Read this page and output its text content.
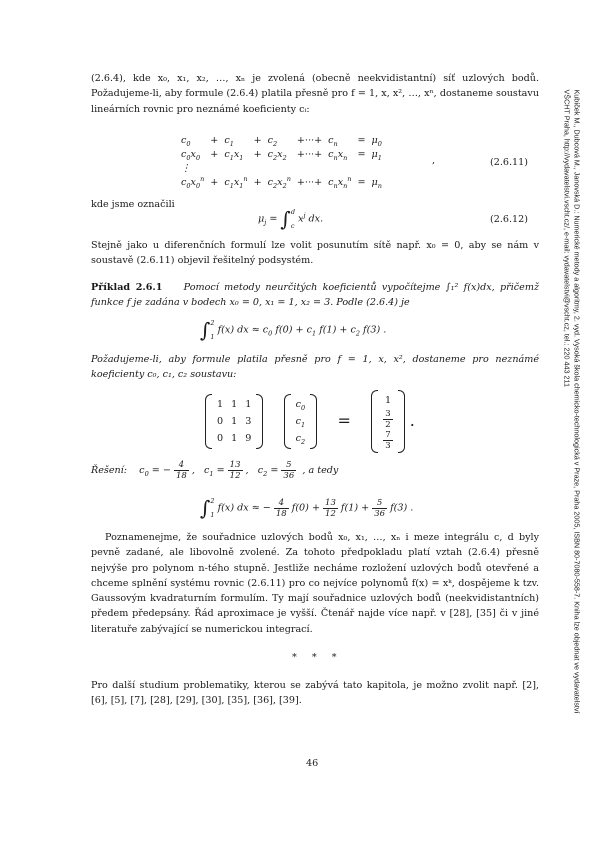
Kubíček M., Dubcová M., Janovská D.: Numerické metody a algoritmy, 2. vyd. Vysoká škola chemicko-technologická v Praze, Praha 2005, ISBN 80-7080-558-7. Kniha lze objednat ve vydavatelství VŠCHT Praha, http://vydavatelstvi.vscht.cz/, e-mail: vydavatelstvi@vscht.cz, tel.: 220 443 211
(2.6.4), kde x₀, x₁, x₂, …, xₙ je zvolená (obecně neekvidistantní) síť uzlových bodů. Požadujeme-li, aby formule (2.6.4) platila přesně pro f = 1, x, x², …, xⁿ, dostaneme soustavu lineárních rovnic pro neznámé koeficienty cᵢ:
$c_0$	+	$c_1$	+	$c_2$	+···+	$c_n$	=	$\mu_0$
$c_0x_0$	+	$c_1x_1$	+	$c_2x_2$	+···+	$c_nx_n$	=	$\mu_1$
⋮								
$c_0x_0^n$	+	$c_1x_1^n$	+	$c_2x_2^n$	+···+	$c_nx_n^n$	=	$\mu_n$
,	(2.6.11)
kde jsme označili
$\mu_j$ = ∫ d
c
$x^j$ dx.	(2.6.12)
Stejně jako u diferenčních formulí lze volit posunutím sítě např. x₀ = 0, aby se nám v soustavě (2.6.11) objevil řešitelný podsystém.
Příklad 2.6.1 Pomocí metody neurčitých koeficientů vypočítejme ∫₁² f(x)dx, přičemž funkce f je zadána v bodech x₀ = 0, x₁ = 1, x₂ = 3. Podle (2.6.4) je
∫ 2
1
f(x) dx ≈ $c_0$ $f(0) + c_1$ $f(1) + c_2$ f(3) .
Požadujeme-li, aby formule platila přesně pro f = 1, x, x², dostaneme pro neznámé koeficienty c₀, c₁, c₂ soustavu:
1	1	1
0	1	3
0	1	9

$c_0$
$c_1$
$c_2$
=
1

$\frac{3}{2}$

$\frac{7}{3}$
.
Řešení:    $c_0$ = − $\frac{4}{18}$ ,   $c_1 = \frac{13}{12}$ ,   $c_2 = \frac{5}{36}$ , a tedy
∫ 2
1
f(x) dx ≈ − $\frac{4}{18} f(0) + \frac{13}{12} f(1) + \frac{5}{36} f(3)$ .
Poznamenejme, že souřadnice uzlových bodů x₀, x₁, …, xₙ i meze integrálu c, d byly pevně zadané, ale libovolně zvolené. Za tohoto předpokladu platí vztah (2.6.4) přesně nejvýše pro polynom n-tého stupně. Jestliže necháme rozložení uzlových bodů otevřené a chceme splnění systému rovnic (2.6.11) pro co nejvíce polynomů f(x) = xᵏ, dospějeme k tzv. Gaussovým kvadraturním formulím. Ty mají souřadnice uzlových bodů (neekvidistantních) předem předepsány. Řád aproximace je vyšší. Čtenář najde více např. v [28], [35] či v jiné literatuře zabývající se numerickou integrací.
* * *
Pro další studium problematiky, kterou se zabývá tato kapitola, je možno zvolit např. [2], [6], [5], [7], [28], [29], [30], [35], [36], [39].
46
